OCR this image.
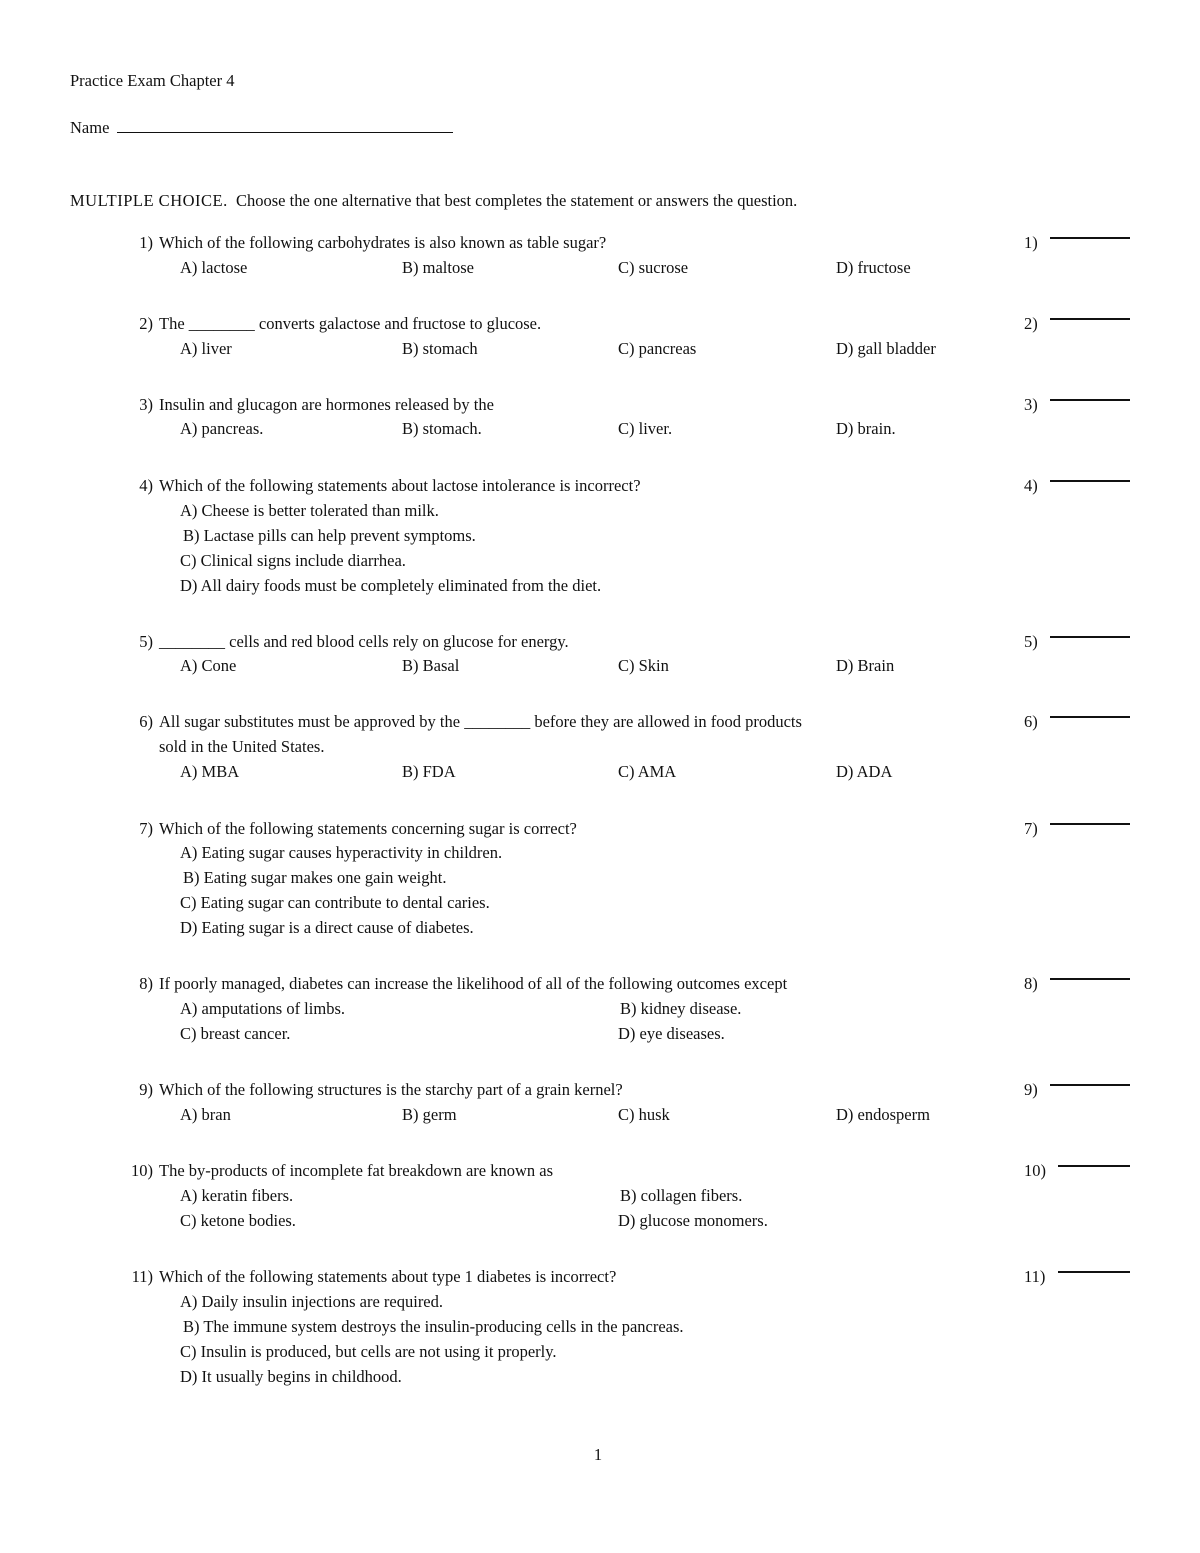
Practice Exam Chapter 4
Name
MULTIPLE CHOICE. Choose the one alternative that best completes the statement or answers the question.
1) Which of the following carbohydrates is also known as table sugar?
A) lactose	B) maltose	C) sucrose	D) fructose
1)
2) The ________ converts galactose and fructose to glucose.
A) liver	B) stomach	C) pancreas	D) gall bladder
2)
3) Insulin and glucagon are hormones released by the
A) pancreas.	B) stomach.	C) liver.	D) brain.
3)
4) Which of the following statements about lactose intolerance is incorrect?
A) Cheese is better tolerated than milk.
B) Lactase pills can help prevent symptoms.
C) Clinical signs include diarrhea.
D) All dairy foods must be completely eliminated from the diet.
4)
5) ________ cells and red blood cells rely on glucose for energy.
A) Cone	B) Basal	C) Skin	D) Brain
5)
6) All sugar substitutes must be approved by the ________ before they are allowed in food products
sold in the United States.
A) MBA	B) FDA	C) AMA	D) ADA
6)
7) Which of the following statements concerning sugar is correct?
A) Eating sugar causes hyperactivity in children.
B) Eating sugar makes one gain weight.
C) Eating sugar can contribute to dental caries.
D) Eating sugar is a direct cause of diabetes.
7)
8) If poorly managed, diabetes can increase the likelihood of all of the following outcomes except
A) amputations of limbs.	B) kidney disease.
C) breast cancer.	D) eye diseases.
8)
9) Which of the following structures is the starchy part of a grain kernel?
A) bran	B) germ	C) husk	D) endosperm
9)
10) The by-products of incomplete fat breakdown are known as
A) keratin fibers.	B) collagen fibers.
C) ketone bodies.	D) glucose monomers.
10)
11) Which of the following statements about type 1 diabetes is incorrect?
A) Daily insulin injections are required.
B) The immune system destroys the insulin-producing cells in the pancreas.
C) Insulin is produced, but cells are not using it properly.
D) It usually begins in childhood.
11)
1
